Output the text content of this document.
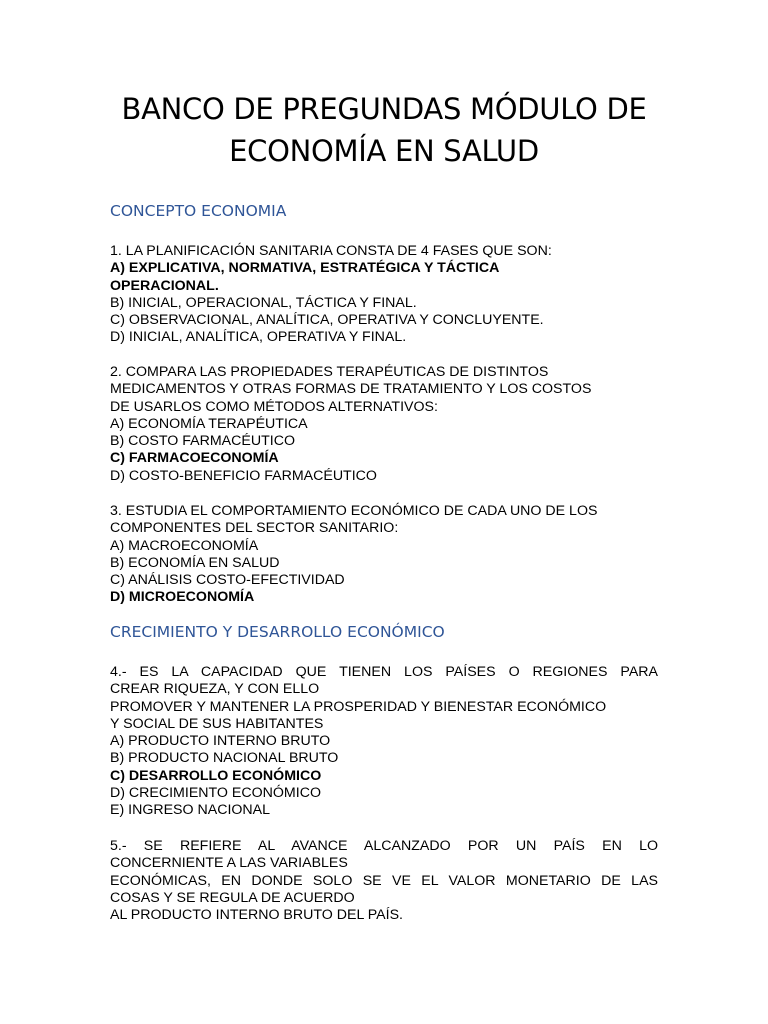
BANCO DE PREGUNDAS MÓDULO DE
ECONOMÍA EN SALUD
CONCEPTO ECONOMIA
1. LA PLANIFICACIÓN SANITARIA CONSTA DE 4 FASES QUE SON:
A) EXPLICATIVA, NORMATIVA, ESTRATÉGICA Y TÁCTICA
OPERACIONAL.
B) INICIAL, OPERACIONAL, TÁCTICA Y FINAL.
C) OBSERVACIONAL, ANALÍTICA, OPERATIVA Y CONCLUYENTE.
D) INICIAL, ANALÍTICA, OPERATIVA Y FINAL.
2. COMPARA LAS PROPIEDADES TERAPÉUTICAS DE DISTINTOS
MEDICAMENTOS Y OTRAS FORMAS DE TRATAMIENTO Y LOS COSTOS
DE USARLOS COMO MÉTODOS ALTERNATIVOS:
A) ECONOMÍA TERAPÉUTICA
B) COSTO FARMACÉUTICO
C) FARMACOECONOMÍA
D) COSTO-BENEFICIO FARMACÉUTICO
3. ESTUDIA EL COMPORTAMIENTO ECONÓMICO DE CADA UNO DE LOS
COMPONENTES DEL SECTOR SANITARIO:
A) MACROECONOMÍA
B) ECONOMÍA EN SALUD
C) ANÁLISIS COSTO-EFECTIVIDAD
D) MICROECONOMÍA
CRECIMIENTO Y DESARROLLO ECONÓMICO
4.- ES LA CAPACIDAD QUE TIENEN LOS PAÍSES O REGIONES PARA
CREAR RIQUEZA, Y CON ELLO
PROMOVER Y MANTENER LA PROSPERIDAD Y BIENESTAR ECONÓMICO
Y SOCIAL DE SUS HABITANTES
A) PRODUCTO INTERNO BRUTO
B) PRODUCTO NACIONAL BRUTO
C) DESARROLLO ECONÓMICO
D) CRECIMIENTO ECONÓMICO
E) INGRESO NACIONAL
5.- SE REFIERE AL AVANCE ALCANZADO POR UN PAÍS EN LO
CONCERNIENTE A LAS VARIABLES
ECONÓMICAS, EN DONDE SOLO SE VE EL VALOR MONETARIO DE LAS
COSAS Y SE REGULA DE ACUERDO
AL PRODUCTO INTERNO BRUTO DEL PAÍS.
